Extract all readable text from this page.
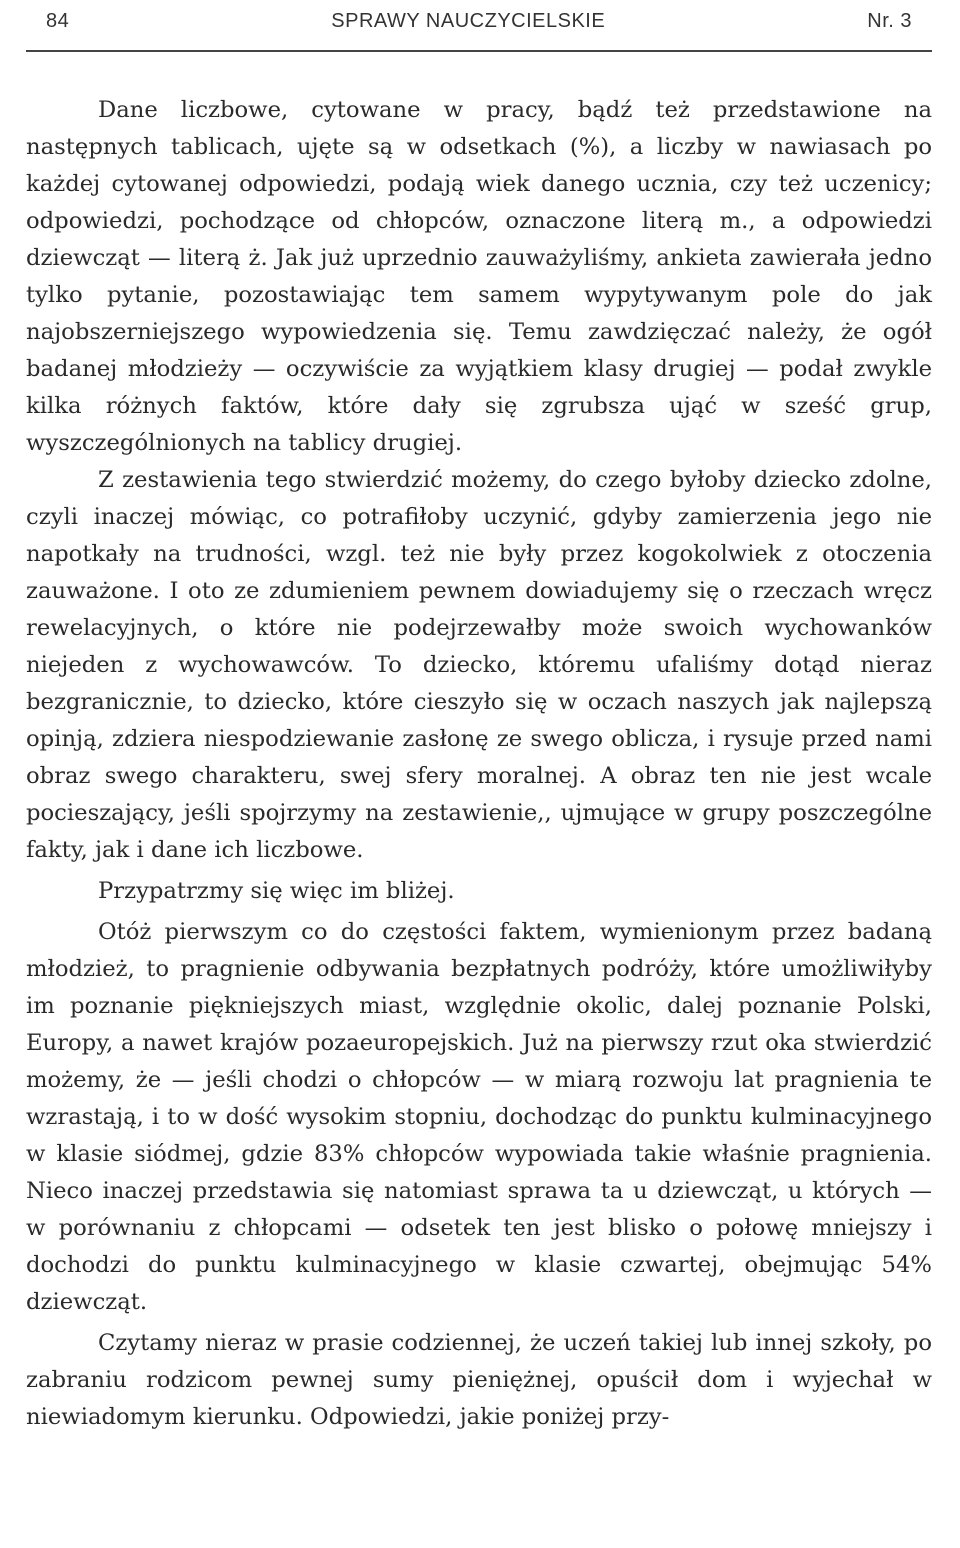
84	SPRAWY NAUCZYCIELSKIE	Nr. 3

Dane liczbowe, cytowane w pracy, bądź też przedstawione na następnych tablicach, ujęte są w odsetkach (%), a liczby w nawiasach po każdej cytowanej odpowiedzi, podają wiek danego ucznia, czy też uczenicy; odpowiedzi, pochodzące od chłopców, oznaczone literą m., a odpowiedzi dziewcząt — literą ż. Jak już uprzednio zauważyliśmy, ankieta zawierała jedno tylko pytanie, pozostawiając tem samem wypytywanym pole do jak najobszerniejszego wypowiedzenia się. Temu zawdzięczać należy, że ogół badanej młodzieży — oczywiście za wyjątkiem klasy drugiej — podał zwykle kilka różnych faktów, które dały się zgrubsza ująć w sześć grup, wyszczególnionych na tablicy drugiej.

Z zestawienia tego stwierdzić możemy, do czego byłoby dziecko zdolne, czyli inaczej mówiąc, co potrafiłoby uczynić, gdyby zamierzenia jego nie napotkały na trudności, wzgl. też nie były przez kogokolwiek z otoczenia zauważone. I oto ze zdumieniem pewnem dowiadujemy się o rzeczach wręcz rewelacyjnych, o które nie podejrzewałby może swoich wychowanków niejeden z wychowawców. To dziecko, któremu ufaliśmy dotąd nieraz bezgranicznie, to dziecko, które cieszyło się w oczach naszych jak najlepszą opinją, zdziera niespodziewanie zasłonę ze swego oblicza, i rysuje przed nami obraz swego charakteru, swej sfery moralnej. A obraz ten nie jest wcale pocieszający, jeśli spojrzymy na zestawienie,, ujmujące w grupy poszczególne fakty, jak i dane ich liczbowe.

Przypatrzmy się więc im bliżej.

Otóż pierwszym co do częstości faktem, wymienionym przez badaną młodzież, to pragnienie odbywania bezpłatnych podróży, które umożliwiłyby im poznanie piękniejszych miast, względnie okolic, dalej poznanie Polski, Europy, a nawet krajów pozaeuropejskich. Już na pierwszy rzut oka stwierdzić możemy, że — jeśli chodzi o chłopców — w miarą rozwoju lat pragnienia te wzrastają, i to w dość wysokim stopniu, dochodząc do punktu kulminacyjnego w klasie siódmej, gdzie 83% chłopców wypowiada takie właśnie pragnienia. Nieco inaczej przedstawia się natomiast sprawa ta u dziewcząt, u których — w porównaniu z chłopcami — odsetek ten jest blisko o połowę mniejszy i dochodzi do punktu kulminacyjnego w klasie czwartej, obejmując 54% dziewcząt.

Czytamy nieraz w prasie codziennej, że uczeń takiej lub innej szkoły, po zabraniu rodzicom pewnej sumy pieniężnej, opuścił dom i wyjechał w niewiadomym kierunku. Odpowiedzi, jakie poniżej przy-
